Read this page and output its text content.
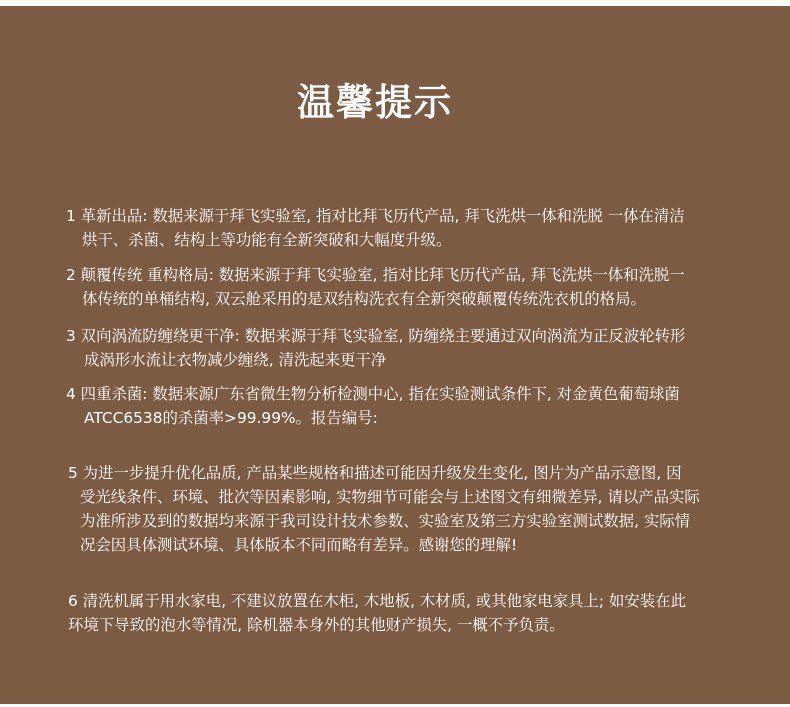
温馨提示

1 革新出品: 数据来源于拜飞实验室, 指对比拜飞历代产品, 拜飞洗烘一体和洗脱 一体在清洁
烘干、杀菌、结构上等功能有全新突破和大幅度升级。

2 颠覆传统 重构格局: 数据来源于拜飞实验室, 指对比拜飞历代产品, 拜飞洗烘一体和洗脱一
体传统的单桶结构, 双云舱采用的是双结构洗衣有全新突破颠覆传统洗衣机的格局。

3 双向涡流防缠绕更干净: 数据来源于拜飞实验室, 防缠绕主要通过双向涡流为正反波轮转形
成涡形水流让衣物减少缠绕, 清洗起来更干净

4 四重杀菌: 数据来源广东省微生物分析检测中心, 指在实验测试条件下, 对金黄色葡萄球菌
ATCC6538的杀菌率>99.99%。报告编号:

5 为进一步提升优化品质, 产品某些规格和描述可能因升级发生变化, 图片为产品示意图, 因
受光线条件、环境、批次等因素影响, 实物细节可能会与上述图文有细微差异, 请以产品实际
为准所涉及到的数据均来源于我司设计技术参数、实验室及第三方实验室测试数据, 实际情
况会因具体测试环境、具体版本不同而略有差异。感谢您的理解!

6 清洗机属于用水家电, 不建议放置在木柜, 木地板, 木材质, 或其他家电家具上; 如安装在此
环境下导致的泡水等情况, 除机器本身外的其他财产损失, 一概不予负责。
